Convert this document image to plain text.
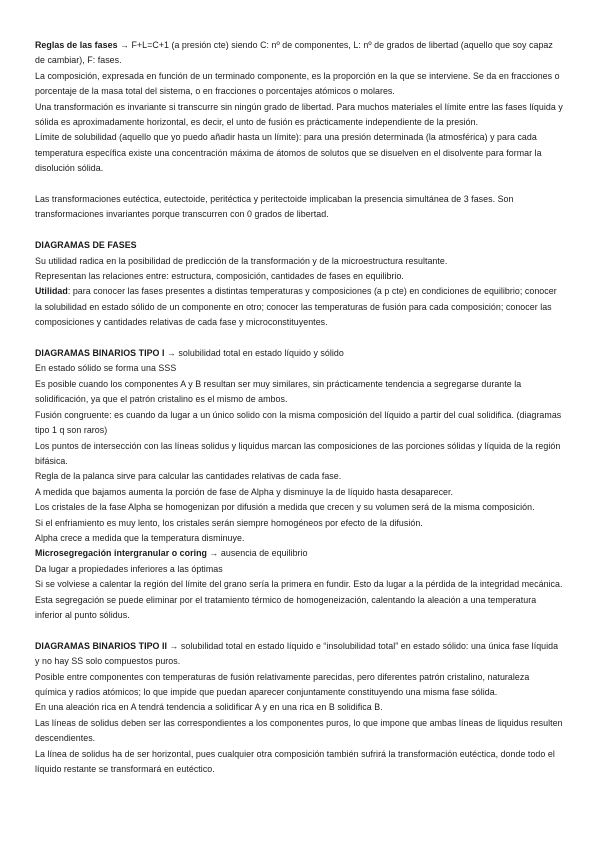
Reglas de las fases → F+L=C+1 (a presión cte) siendo C: nº de componentes, L: nº de grados de libertad (aquello que soy capaz de cambiar), F: fases.

La composición, expresada en función de un terminado componente, es la proporción en la que se interviene. Se da en fracciones o porcentaje de la masa total del sistema, o en fracciones o porcentajes atómicos o molares.

Una transformación es invariante si transcurre sin ningún grado de libertad. Para muchos materiales el límite entre las fases líquida y sólida es aproximadamente horizontal, es decir, el unto de fusión es prácticamente independiente de la presión.

Límite de solubilidad (aquello que yo puedo añadir hasta un límite): para una presión determinada (la atmosférica) y para cada temperatura específica existe una concentración máxima de átomos de solutos que se disuelven en el disolvente para formar la disolución sólida.

Las transformaciones eutéctica, eutectoide, peritéctica y peritectoide implicaban la presencia simultánea de 3 fases. Son transformaciones invariantes porque transcurren con 0 grados de libertad.

DIAGRAMAS DE FASES

Su utilidad radica en la posibilidad de predicción de la transformación y de la microestructura resultante.

Representan las relaciones entre: estructura, composición, cantidades de fases en equilibrio.

Utilidad: para conocer las fases presentes a distintas temperaturas y composiciones (a p cte) en condiciones de equilibrio; conocer la solubilidad en estado sólido de un componente en otro; conocer las temperaturas de fusión para cada composición; conocer las composiciones y cantidades relativas de cada fase y microconstituyentes.

DIAGRAMAS BINARIOS TIPO I → solubilidad total en estado líquido y sólido

En estado sólido se forma una SSS

Es posible cuando los componentes A y B resultan ser muy similares, sin prácticamente tendencia a segregarse durante la solidificación, ya que el patrón cristalino es el mismo de ambos.

Fusión congruente: es cuando da lugar a un único solido con la misma composición del líquido a partir del cual solidifica. (diagramas tipo 1 q son raros)

Los puntos de intersección con las líneas solidus y liquidus marcan las composiciones de las porciones sólidas y líquida de la región bifásica.

Regla de la palanca sirve para calcular las cantidades relativas de cada fase.

A medida que bajamos aumenta la porción de fase de Alpha y disminuye la de líquido hasta desaparecer.

Los cristales de la fase Alpha se homogenizan por difusión a medida que crecen y su volumen será de la misma composición.

Si el enfriamiento es muy lento, los cristales serán siempre homogéneos por efecto de la difusión.

Alpha crece a medida que la temperatura disminuye.

Microsegregación intergranular o coring → ausencia de equilibrio

Da lugar a propiedades inferiores a las óptimas

Si se volviese a calentar la región del límite del grano sería la primera en fundir. Esto da lugar a la pérdida de la integridad mecánica.

Esta segregación se puede eliminar por el tratamiento térmico de homogeneización, calentando la aleación a una temperatura inferior al punto sólidus.

DIAGRAMAS BINARIOS TIPO II → solubilidad total en estado líquido e “insolubilidad total” en estado sólido: una única fase líquida y no hay SS solo compuestos puros.

Posible entre componentes con temperaturas de fusión relativamente parecidas, pero diferentes patrón cristalino, naturaleza química y radios atómicos; lo que impide que puedan aparecer conjuntamente constituyendo una misma fase sólida.

En una aleación rica en A tendrá tendencia a solidificar A y en una rica en B solidifica B.

Las líneas de solidus deben ser las correspondientes a los componentes puros, lo que impone que ambas líneas de liquidus resulten descendientes.

La línea de solidus ha de ser horizontal, pues cualquier otra composición también sufrirá la transformación eutéctica, donde todo el líquido restante se transformará en eutéctico.
